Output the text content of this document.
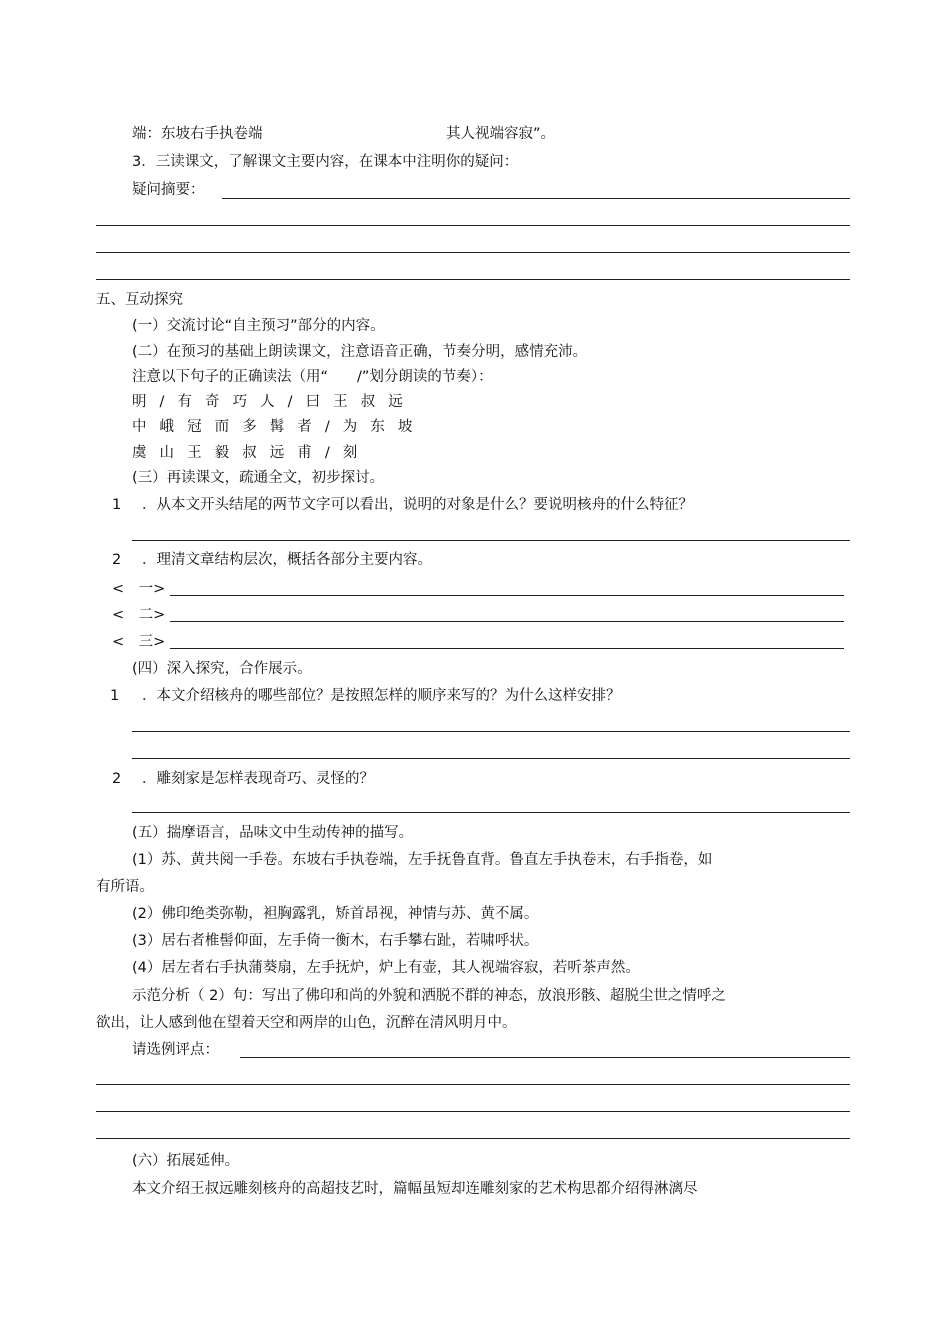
端：东坡右手执卷端	其人视端容寂”。
3．三读课文，了解课文主要内容，在课本中注明你的疑问：
疑问摘要：
五、互动探究
(一）交流讨论“自主预习”部分的内容。
(二）在预习的基础上朗读课文，注意语音正确，节奏分明，感情充沛。
注意以下句子的正确读法（用“　　/”划分朗读的节奏）：
明/有奇巧人/曰王叔远
中峨冠而多髯者/为东坡
虞山王毅叔远甫/刻
(三）再读课文，疏通全文，初步探讨。
1 ．从本文开头结尾的两节文字可以看出，说明的对象是什么？要说明核舟的什么特征？
2 ．理清文章结构层次，概括各部分主要内容。
<　一>
<　二>
<　三>
(四）深入探究，合作展示。
1 ．本文介绍核舟的哪些部位？是按照怎样的顺序来写的？为什么这样安排？
2 ．雕刻家是怎样表现奇巧、灵怪的？
(五）揣摩语言，品味文中生动传神的描写。
(1）苏、黄共阅一手卷。东坡右手执卷端，左手抚鲁直背。鲁直左手执卷末，右手指卷，如
有所语。
(2）佛印绝类弥勒，袒胸露乳，矫首昂视，神情与苏、黄不属。
(3）居右者椎髻仰面，左手倚一衡木，右手攀右趾，若啸呼状。
(4）居左者右手执蒲葵扇，左手抚炉，炉上有壶，其人视端容寂，若听茶声然。
示范分析（ 2）句：写出了佛印和尚的外貌和洒脱不群的神态，放浪形骸、超脱尘世之情呼之
欲出，让人感到他在望着天空和两岸的山色，沉醉在清风明月中。
请选例评点：
(六）拓展延伸。
本文介绍王叔远雕刻核舟的高超技艺时，篇幅虽短却连雕刻家的艺术构思都介绍得淋漓尽
